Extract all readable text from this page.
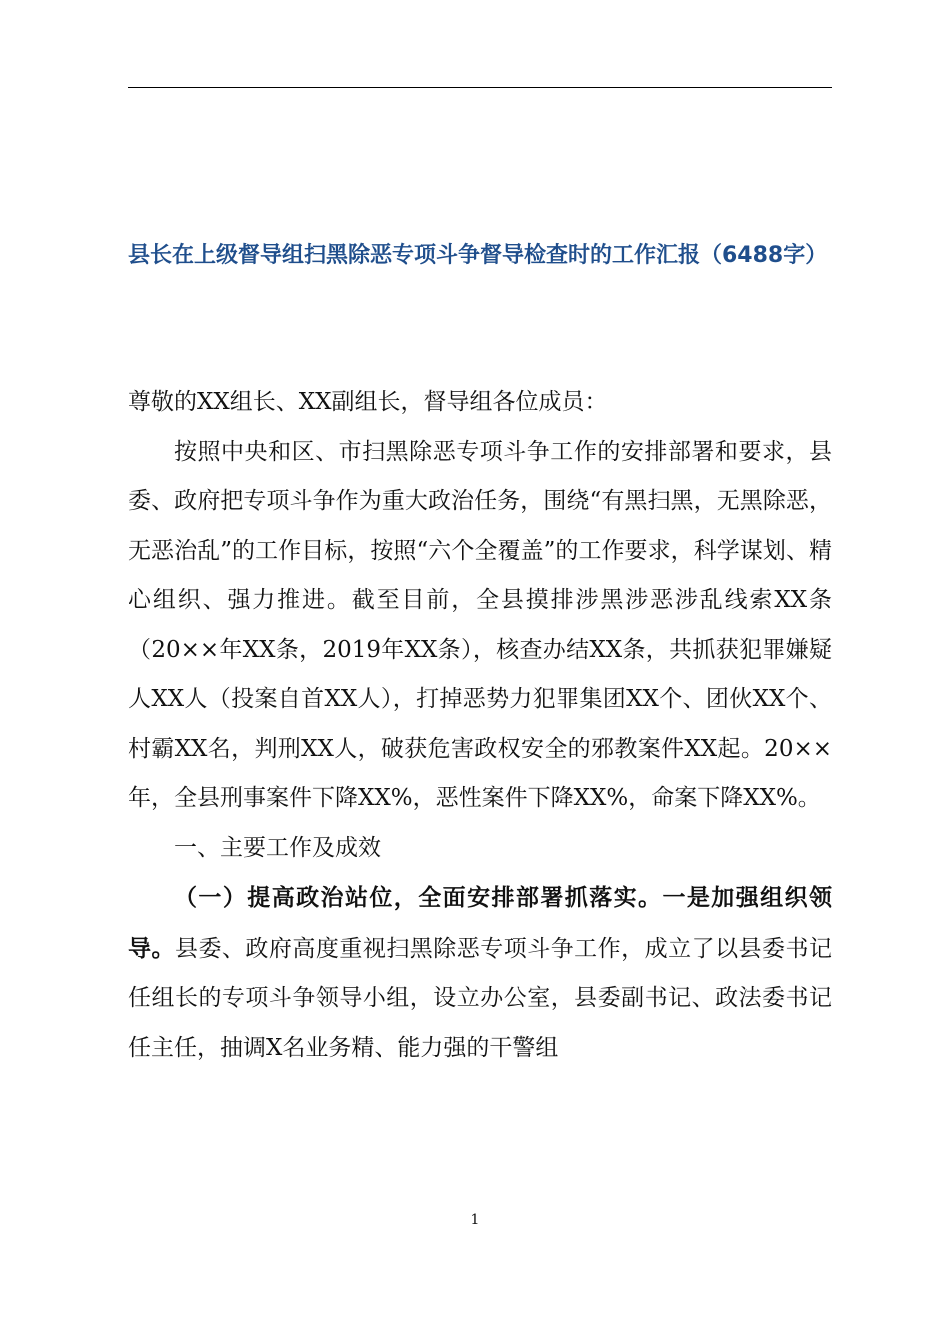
县长在上级督导组扫黑除恶专项斗争督导检查时的工作汇报（6488字）

尊敬的XX组长、XX副组长，督导组各位成员：

按照中央和区、市扫黑除恶专项斗争工作的安排部署和要求，县委、政府把专项斗争作为重大政治任务，围绕“有黑扫黑，无黑除恶，无恶治乱”的工作目标，按照“六个全覆盖”的工作要求，科学谋划、精心组织、强力推进。截至目前，全县摸排涉黑涉恶涉乱线索XX条（20××年XX条，2019年XX条），核查办结XX条，共抓获犯罪嫌疑人XX人（投案自首XX人），打掉恶势力犯罪集团XX个、团伙XX个、村霸XX名，判刑XX人，破获危害政权安全的邪教案件XX起。20××年，全县刑事案件下降XX%，恶性案件下降XX%，命案下降XX%。

一、主要工作及成效

（一）提高政治站位，全面安排部署抓落实。一是加强组织领导。县委、政府高度重视扫黑除恶专项斗争工作，成立了以县委书记任组长的专项斗争领导小组，设立办公室，县委副书记、政法委书记任主任，抽调X名业务精、能力强的干警组

1
